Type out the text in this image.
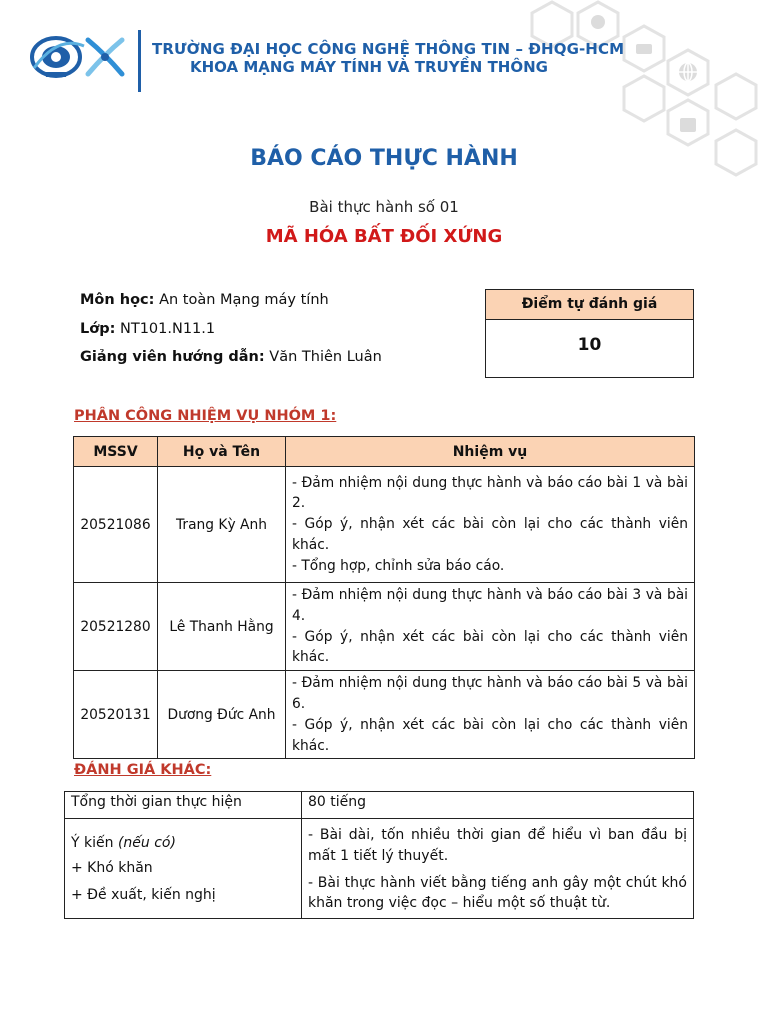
TRƯỜNG ĐẠI HỌC CÔNG NGHỆ THÔNG TIN – ĐHQG-HCM
KHOA MẠNG MÁY TÍNH VÀ TRUYỀN THÔNG
BÁO CÁO THỰC HÀNH
Bài thực hành số 01
MÃ HÓA BẤT ĐỐI XỨNG
Môn học: An toàn Mạng máy tính
Lớp: NT101.N11.1
Giảng viên hướng dẫn: Văn Thiên Luân
Điểm tự đánh giá
10
PHÂN CÔNG NHIỆM VỤ NHÓM 1:
MSSV	Họ và Tên	Nhiệm vụ
20521086	Trang Kỳ Anh	- Đảm nhiệm nội dung thực hành và báo cáo bài 1 và bài 2.
- Góp ý, nhận xét các bài còn lại cho các thành viên khác.
- Tổng hợp, chỉnh sửa báo cáo.

20521280	Lê Thanh Hằng	- Đảm nhiệm nội dung thực hành và báo cáo bài 3 và bài 4.
- Góp ý, nhận xét các bài còn lại cho các thành viên khác.

20520131	Dương Đức Anh	- Đảm nhiệm nội dung thực hành và báo cáo bài 5 và bài 6.
- Góp ý, nhận xét các bài còn lại cho các thành viên khác.
ĐÁNH GIÁ KHÁC:
Tổng thời gian thực hiện	80 tiếng

Ý kiến (nếu có)
+ Khó khăn
+ Đề xuất, kiến nghị	- Bài dài, tốn nhiều thời gian để hiểu vì ban đầu bị mất 1 tiết lý thuyết.
- Bài thực hành viết bằng tiếng anh gây một chút khó khăn trong việc đọc – hiểu một số thuật từ.
